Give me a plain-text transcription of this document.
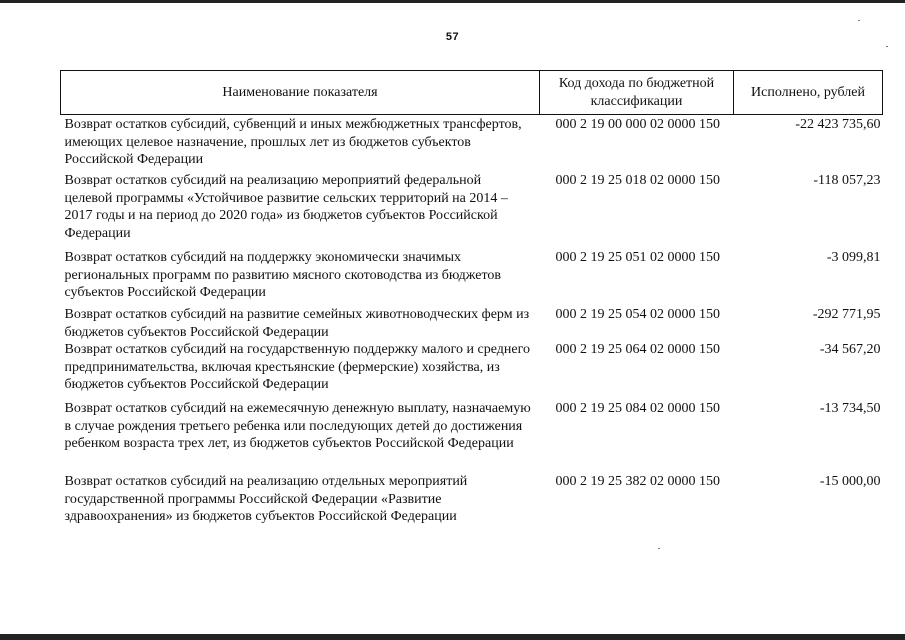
57
Наименование показателя	Код дохода по бюджетной классификации	Исполнено, рублей
Возврат остатков субсидий, субвенций и иных межбюджетных трансфертов, имеющих целевое назначение, прошлых лет из бюджетов субъектов Российской Федерации	000 2 19 00 000 02 0000 150	-22 423 735,60
Возврат остатков субсидий на реализацию мероприятий федеральной целевой программы «Устойчивое развитие сельских территорий на 2014 – 2017 годы и на период до 2020 года» из бюджетов субъектов Российской Федерации	000 2 19 25 018 02 0000 150	-118 057,23
Возврат остатков субсидий на поддержку экономически значимых региональных программ по развитию мясного скотоводства из бюджетов субъектов Российской Федерации	000 2 19 25 051 02 0000 150	-3 099,81
Возврат остатков субсидий на развитие семейных животноводческих ферм из бюджетов субъектов Российской Федерации	000 2 19 25 054 02 0000 150	-292 771,95
Возврат остатков субсидий на государственную поддержку малого и среднего предпринимательства, включая крестьянские (фермерские) хозяйства, из бюджетов субъектов Российской Федерации	000 2 19 25 064 02 0000 150	-34 567,20
Возврат остатков субсидий на ежемесячную денежную выплату, назначаемую в случае рождения третьего ребенка или последующих детей до достижения ребенком возраста трех лет, из бюджетов субъектов Российской Федерации	000 2 19 25 084 02 0000 150	-13 734,50
Возврат остатков субсидий на реализацию отдельных мероприятий государственной программы Российской Федерации «Развитие здравоохранения» из бюджетов субъектов Российской Федерации	000 2 19 25 382 02 0000 150	-15 000,00
